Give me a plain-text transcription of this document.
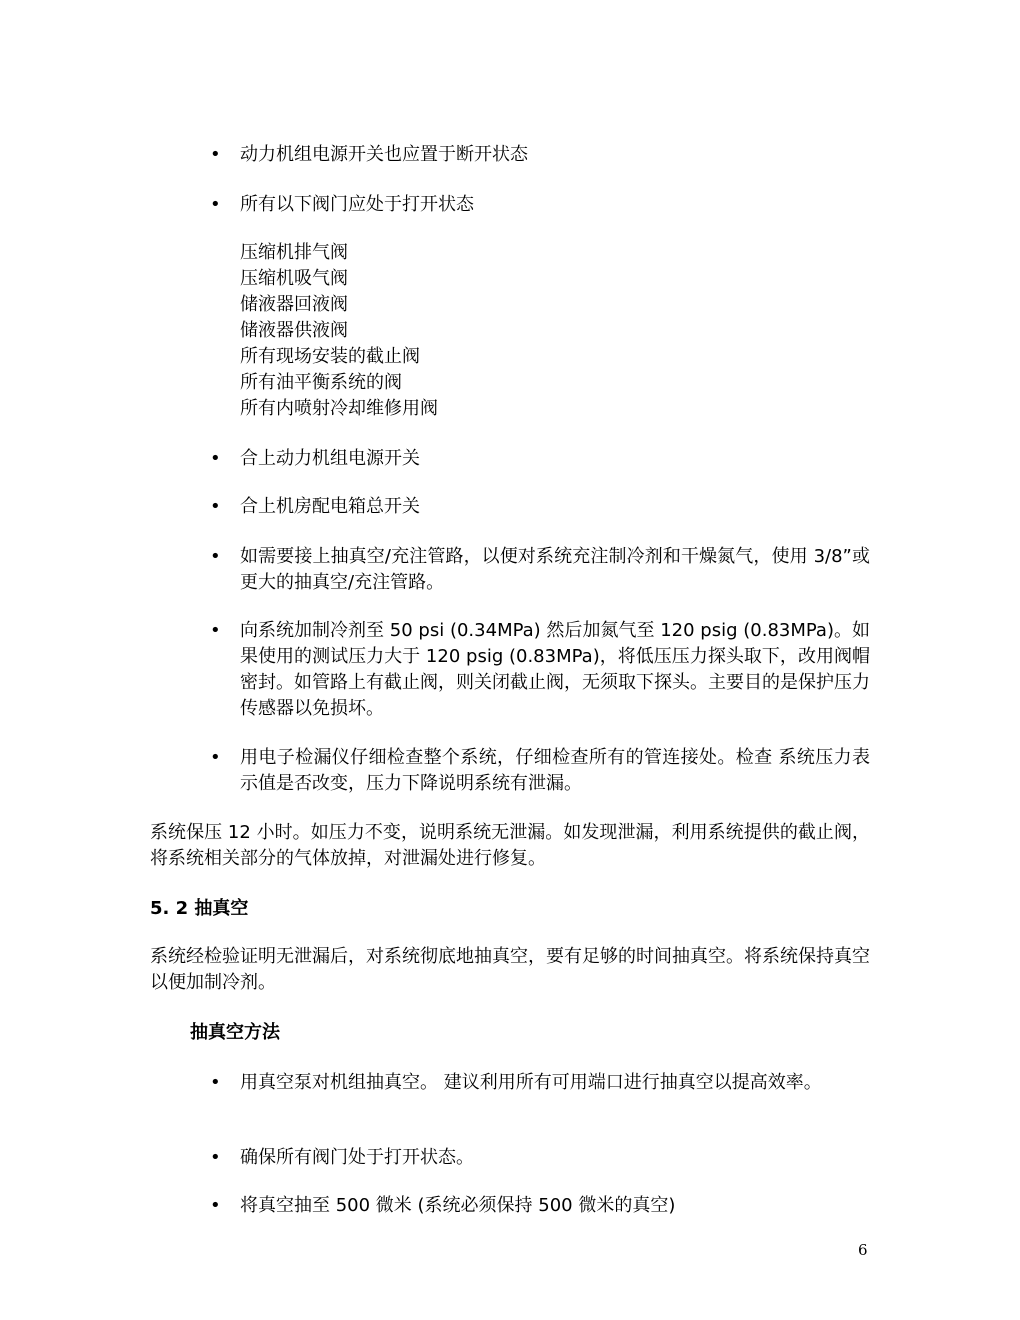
• 动力机组电源开关也应置于断开状态
• 所有以下阀门应处于打开状态
压缩机排气阀
压缩机吸气阀
储液器回液阀
储液器供液阀
所有现场安装的截止阀
所有油平衡系统的阀
所有内喷射冷却维修用阀
• 合上动力机组电源开关
• 合上机房配电箱总开关
• 如需要接上抽真空/充注管路，以便对系统充注制冷剂和干燥氮气，使用 3/8”或更大的抽真空/充注管路。
• 向系统加制冷剂至 50 psi (0.34MPa) 然后加氮气至 120 psig (0.83MPa)。如果使用的测试压力大于 120 psig (0.83MPa)，将低压压力探头取下，改用阀帽密封。如管路上有截止阀，则关闭截止阀，无须取下探头。主要目的是保护压力传感器以免损坏。
• 用电子检漏仪仔细检查整个系统，仔细检查所有的管连接处。检查 系统压力表示值是否改变，压力下降说明系统有泄漏。
系统保压 12 小时。如压力不变，说明系统无泄漏。如发现泄漏，利用系统提供的截止阀，将系统相关部分的气体放掉，对泄漏处进行修复。
5. 2 抽真空
系统经检验证明无泄漏后，对系统彻底地抽真空，要有足够的时间抽真空。将系统保持真空以便加制冷剂。
抽真空方法
• 用真空泵对机组抽真空。 建议利用所有可用端口进行抽真空以提高效率。
• 确保所有阀门处于打开状态。
• 将真空抽至 500 微米 (系统必须保持 500 微米的真空)
6
